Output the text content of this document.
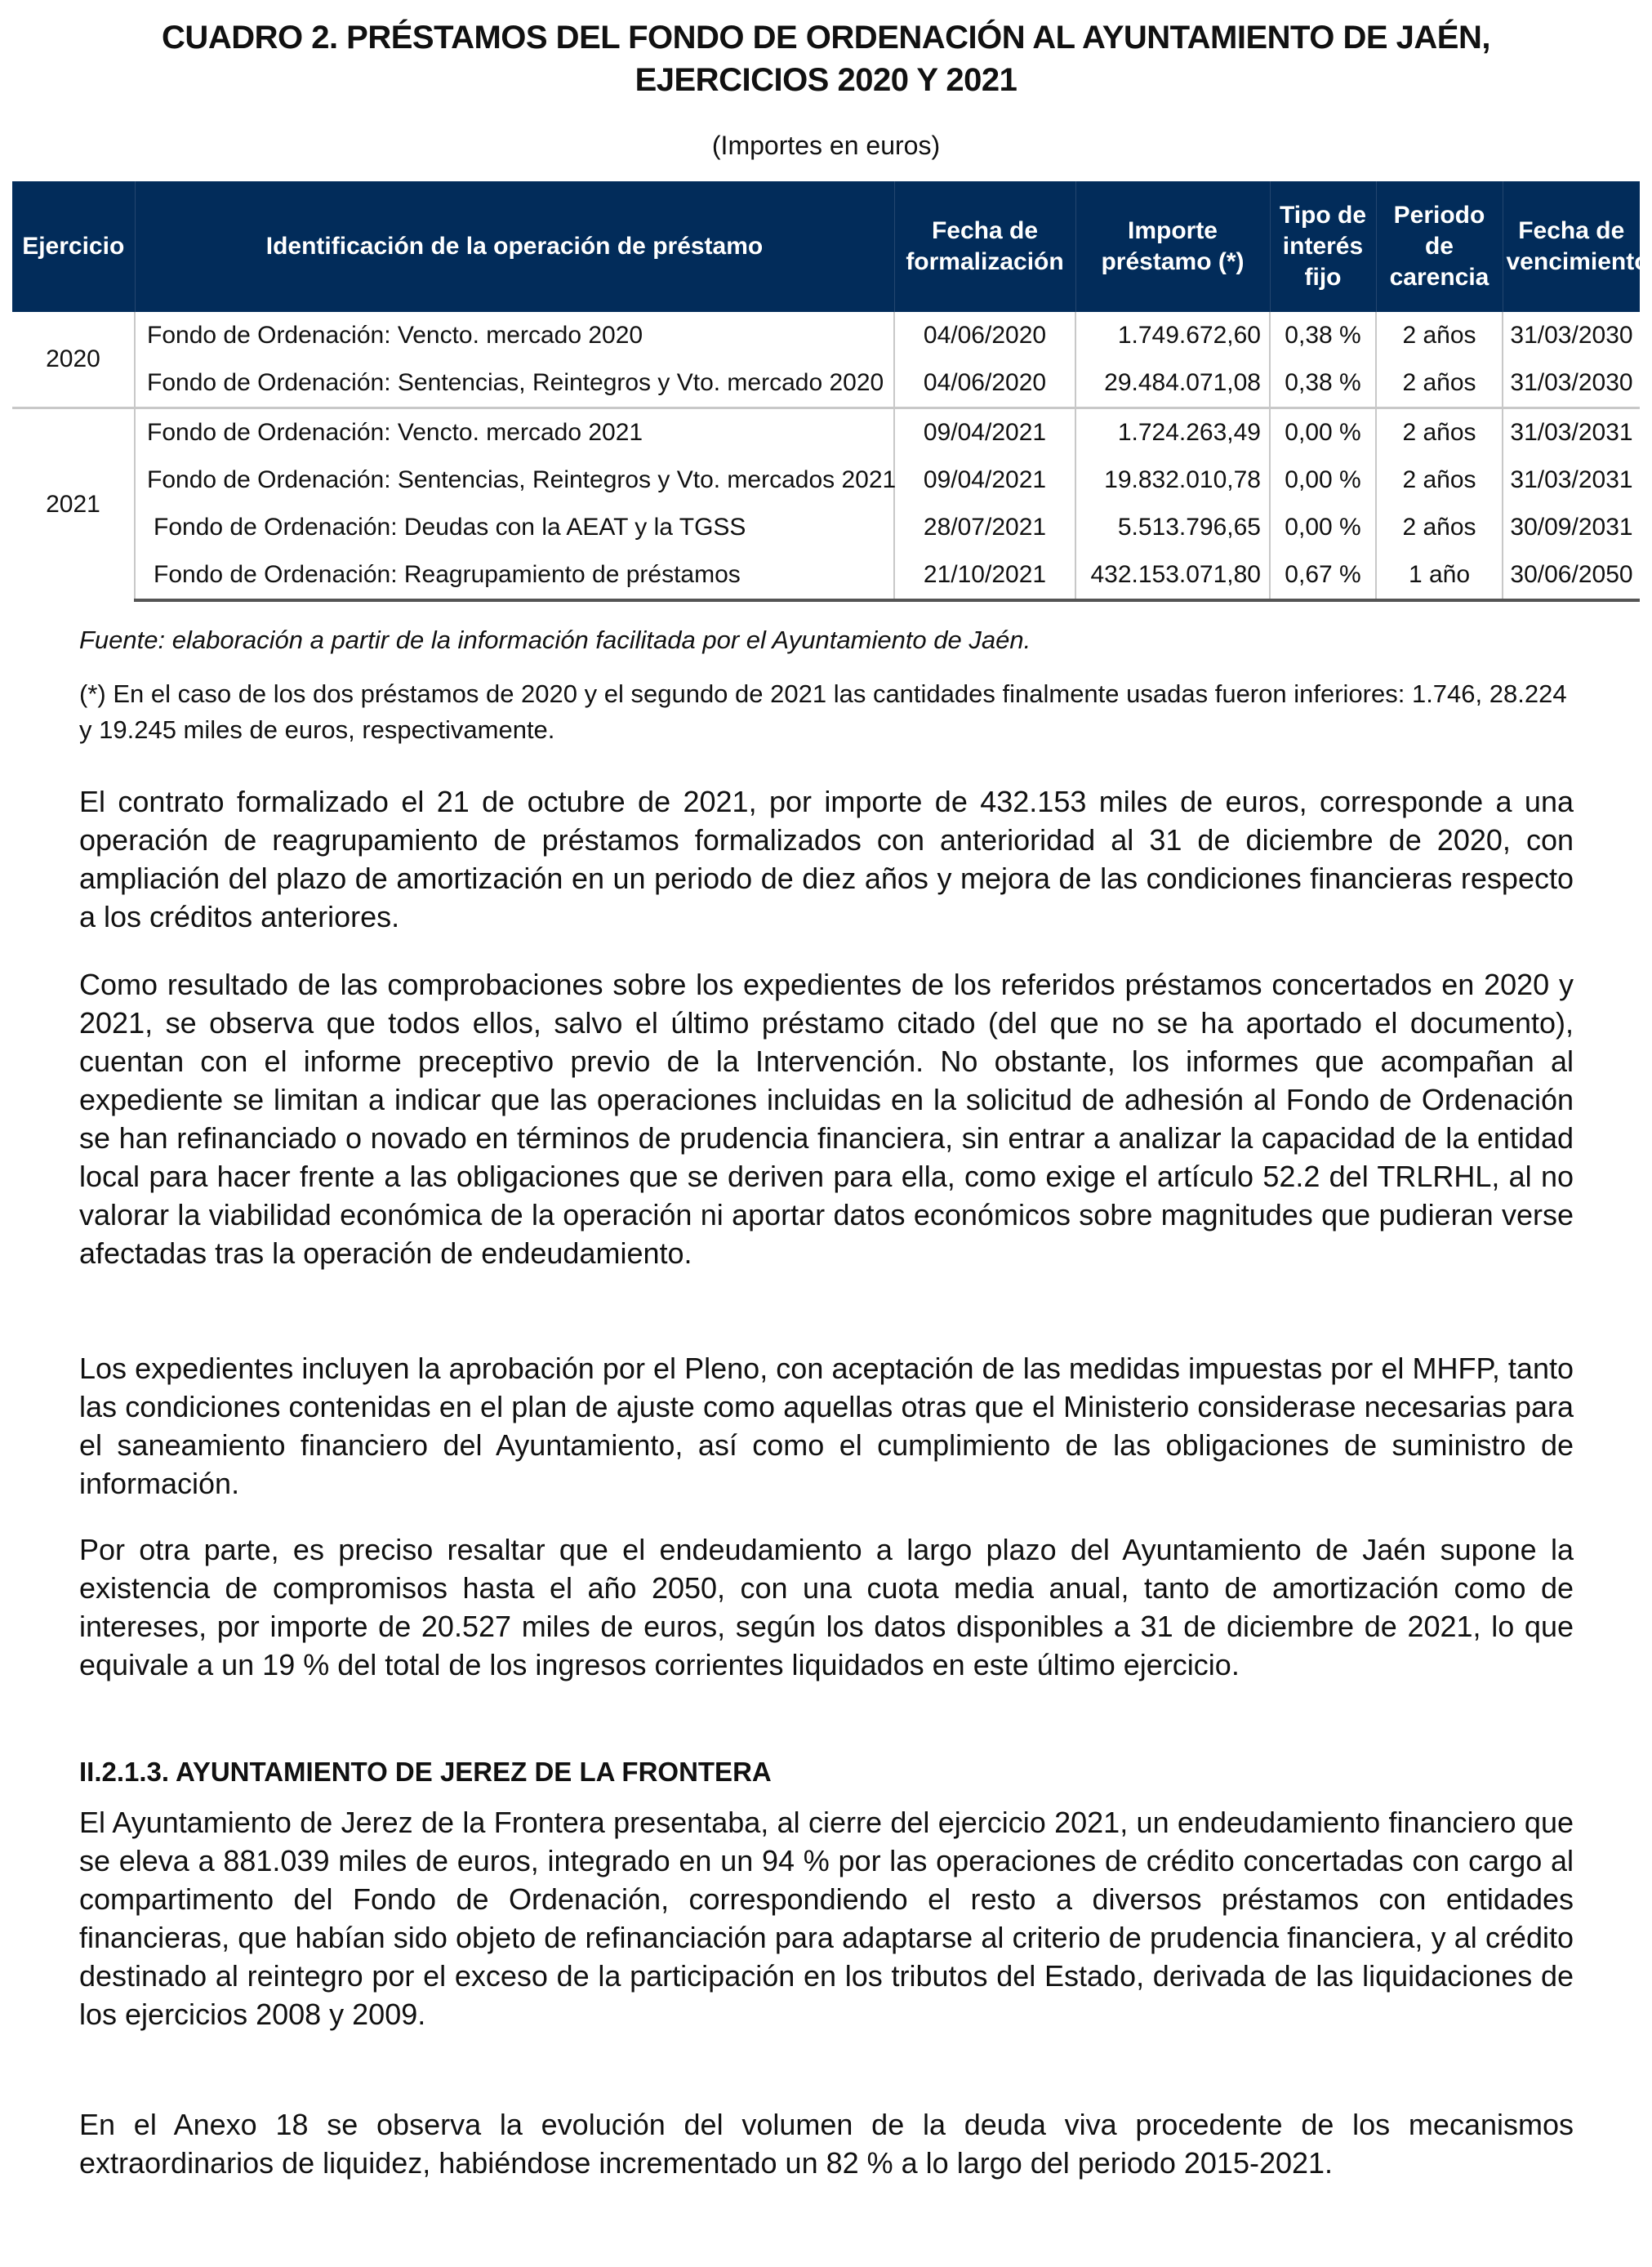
CUADRO 2. PRÉSTAMOS DEL FONDO DE ORDENACIÓN AL AYUNTAMIENTO DE JAÉN,
EJERCICIOS 2020 Y 2021
(Importes en euros)
Ejercicio	Identificación de la operación de préstamo	Fecha de formalización	Importe préstamo (*)	Tipo de interés fijo	Periodo de carencia	Fecha de vencimiento
2020	Fondo de Ordenación: Vencto. mercado 2020	04/06/2020	1.749.672,60	0,38 %	2 años	31/03/2030
	Fondo de Ordenación: Sentencias, Reintegros y Vto. mercado 2020	04/06/2020	29.484.071,08	0,38 %	2 años	31/03/2030
2021	Fondo de Ordenación: Vencto. mercado 2021	09/04/2021	1.724.263,49	0,00 %	2 años	31/03/2031
	Fondo de Ordenación: Sentencias, Reintegros y Vto. mercados 2021	09/04/2021	19.832.010,78	0,00 %	2 años	31/03/2031
	Fondo de Ordenación: Deudas con la AEAT y la TGSS	28/07/2021	5.513.796,65	0,00 %	2 años	30/09/2031
	Fondo de Ordenación: Reagrupamiento de préstamos	21/10/2021	432.153.071,80	0,67 %	1 año	30/06/2050
Fuente: elaboración a partir de la información facilitada por el Ayuntamiento de Jaén.
(*) En el caso de los dos préstamos de 2020 y el segundo de 2021 las cantidades finalmente usadas fueron inferiores: 1.746, 28.224 y 19.245 miles de euros, respectivamente.
El contrato formalizado el 21 de octubre de 2021, por importe de 432.153 miles de euros, corresponde a una operación de reagrupamiento de préstamos formalizados con anterioridad al 31 de diciembre de 2020, con ampliación del plazo de amortización en un periodo de diez años y mejora de las condiciones financieras respecto a los créditos anteriores.
Como resultado de las comprobaciones sobre los expedientes de los referidos préstamos concertados en 2020 y 2021, se observa que todos ellos, salvo el último préstamo citado (del que no se ha aportado el documento), cuentan con el informe preceptivo previo de la Intervención. No obstante, los informes que acompañan al expediente se limitan a indicar que las operaciones incluidas en la solicitud de adhesión al Fondo de Ordenación se han refinanciado o novado en términos de prudencia financiera, sin entrar a analizar la capacidad de la entidad local para hacer frente a las obligaciones que se deriven para ella, como exige el artículo 52.2 del TRLRHL, al no valorar la viabilidad económica de la operación ni aportar datos económicos sobre magnitudes que pudieran verse afectadas tras la operación de endeudamiento.
Los expedientes incluyen la aprobación por el Pleno, con aceptación de las medidas impuestas por el MHFP, tanto las condiciones contenidas en el plan de ajuste como aquellas otras que el Ministerio considerase necesarias para el saneamiento financiero del Ayuntamiento, así como el cumplimiento de las obligaciones de suministro de información.
Por otra parte, es preciso resaltar que el endeudamiento a largo plazo del Ayuntamiento de Jaén supone la existencia de compromisos hasta el año 2050, con una cuota media anual, tanto de amortización como de intereses, por importe de 20.527 miles de euros, según los datos disponibles a 31 de diciembre de 2021, lo que equivale a un 19 % del total de los ingresos corrientes liquidados en este último ejercicio.
II.2.1.3. AYUNTAMIENTO DE JEREZ DE LA FRONTERA
El Ayuntamiento de Jerez de la Frontera presentaba, al cierre del ejercicio 2021, un endeudamiento financiero que se eleva a 881.039 miles de euros, integrado en un 94 % por las operaciones de crédito concertadas con cargo al compartimento del Fondo de Ordenación, correspondiendo el resto a diversos préstamos con entidades financieras, que habían sido objeto de refinanciación para adaptarse al criterio de prudencia financiera, y al crédito destinado al reintegro por el exceso de la participación en los tributos del Estado, derivada de las liquidaciones de los ejercicios 2008 y 2009.
En el Anexo 18 se observa la evolución del volumen de la deuda viva procedente de los mecanismos extraordinarios de liquidez, habiéndose incrementado un 82 % a lo largo del periodo 2015-2021.
